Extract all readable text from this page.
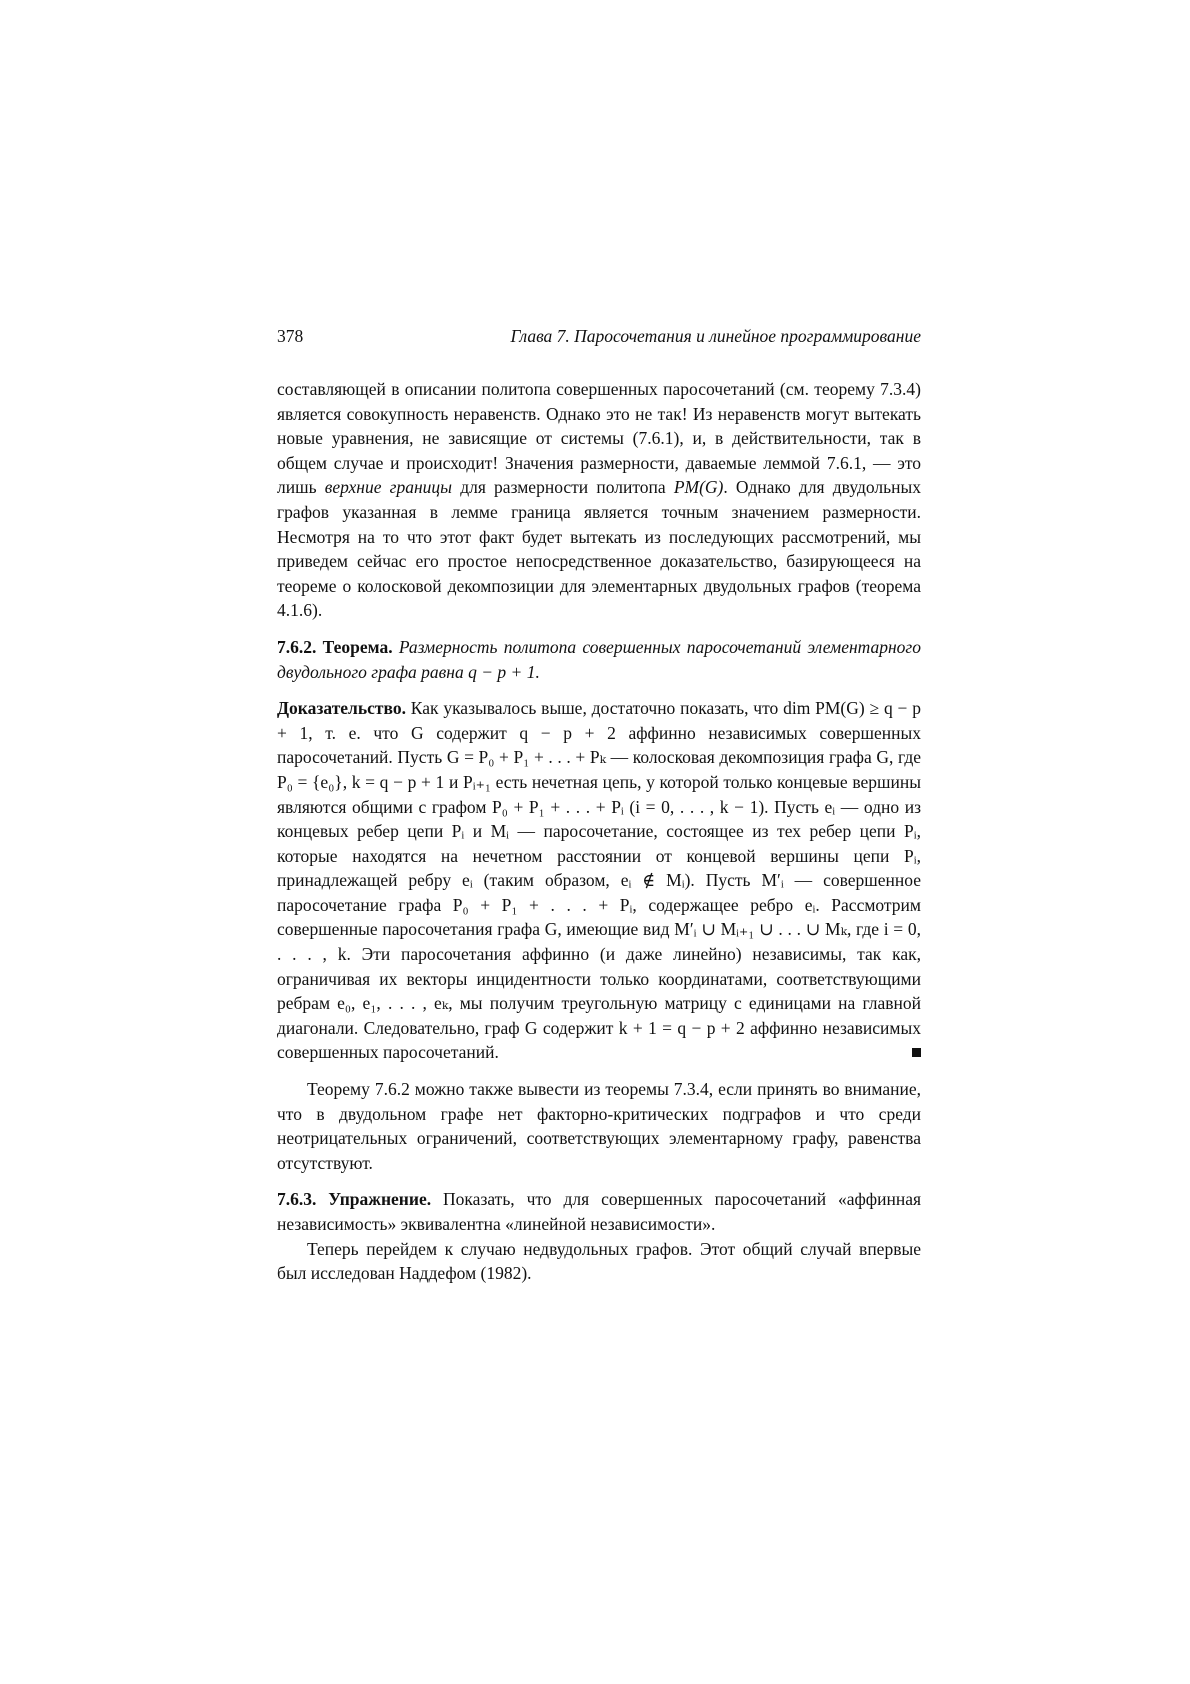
378	Глава 7. Паросочетания и линейное программирование

составляющей в описании политопа совершенных паросочетаний (см. теорему 7.3.4) является совокупность неравенств. Однако это не так! Из неравенств могут вытекать новые уравнения, не зависящие от системы (7.6.1), и, в действительности, так в общем случае и происходит! Значения размерности, даваемые леммой 7.6.1, — это лишь верхние границы для размерности политопа PM(G). Однако для двудольных графов указанная в лемме граница является точным значением размерности. Несмотря на то что этот факт будет вытекать из последующих рассмотрений, мы приведем сейчас его простое непосредственное доказательство, базирующееся на теореме о колосковой декомпозиции для элементарных двудольных графов (теорема 4.1.6).

7.6.2. Теорема. Размерность политопа совершенных паросочетаний элементарного двудольного графа равна q − p + 1.

Доказательство. Как указывалось выше, достаточно показать, что dim PM(G) ≥ q − p + 1, т. е. что G содержит q − p + 2 аффинно независимых совершенных паросочетаний. Пусть G = P₀ + P₁ + . . . + Pₖ — колосковая декомпозиция графа G, где P₀ = {e₀}, k = q − p + 1 и Pᵢ₊₁ есть нечетная цепь, у которой только концевые вершины являются общими с графом P₀ + P₁ + . . . + Pᵢ (i = 0, . . . , k − 1). Пусть eᵢ — одно из концевых ребер цепи Pᵢ и Mᵢ — паросочетание, состоящее из тех ребер цепи Pᵢ, которые находятся на нечетном расстоянии от концевой вершины цепи Pᵢ, принадлежащей ребру eᵢ (таким образом, eᵢ ∉ Mᵢ). Пусть M′ᵢ — совершенное паросочетание графа P₀ + P₁ + . . . + Pᵢ, содержащее ребро eᵢ. Рассмотрим совершенные паросочетания графа G, имеющие вид M′ᵢ ∪ Mᵢ₊₁ ∪ . . . ∪ Mₖ, где i = 0, . . . , k. Эти паросочетания аффинно (и даже линейно) независимы, так как, ограничивая их векторы инцидентности только координатами, соответствующими ребрам e₀, e₁, . . . , eₖ, мы получим треугольную матрицу с единицами на главной диагонали. Следовательно, граф G содержит k + 1 = q − p + 2 аффинно независимых совершенных паросочетаний.

Теорему 7.6.2 можно также вывести из теоремы 7.3.4, если принять во внимание, что в двудольном графе нет факторно-критических подграфов и что среди неотрицательных ограничений, соответствующих элементарному графу, равенства отсутствуют.

7.6.3. Упражнение. Показать, что для совершенных паросочетаний «аффинная независимость» эквивалентна «линейной независимости».

Теперь перейдем к случаю недвудольных графов. Этот общий случай впервые был исследован Наддефом (1982).
